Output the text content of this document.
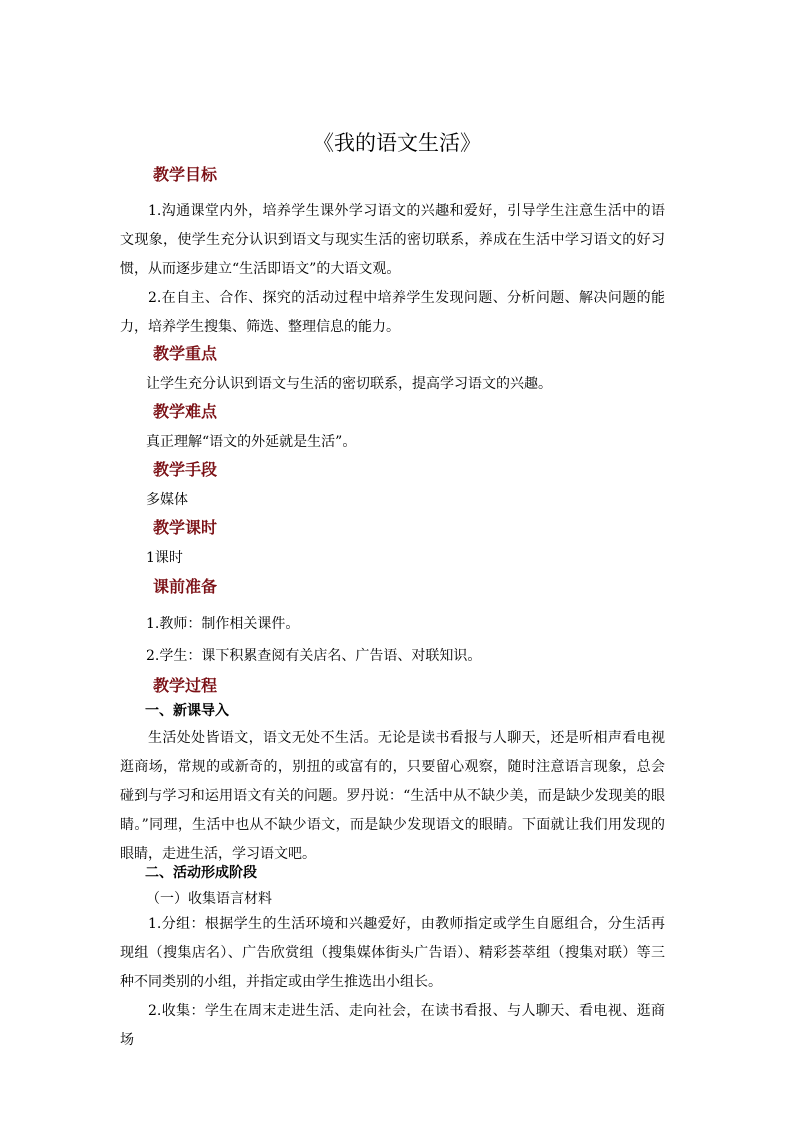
《我的语文生活》
教学目标

1.沟通课堂内外，培养学生课外学习语文的兴趣和爱好，引导学生注意生活中的语文现象，使学生充分认识到语文与现实生活的密切联系，养成在生活中学习语文的好习惯，从而逐步建立“生活即语文”的大语文观。

2.在自主、合作、探究的活动过程中培养学生发现问题、分析问题、解决问题的能力，培养学生搜集、筛选、整理信息的能力。

教学重点

让学生充分认识到语文与生活的密切联系，提高学习语文的兴趣。

教学难点

真正理解“语文的外延就是生活”。

教学手段

多媒体

教学课时

1课时

课前准备

1.教师：制作相关课件。

2.学生：课下积累查阅有关店名、广告语、对联知识。

教学过程

一、新课导入

生活处处皆语文，语文无处不生活。无论是读书看报与人聊天，还是听相声看电视逛商场，常规的或新奇的，别扭的或富有的，只要留心观察，随时注意语言现象，总会碰到与学习和运用语文有关的问题。罗丹说：“生活中从不缺少美，而是缺少发现美的眼睛。”同理，生活中也从不缺少语文，而是缺少发现语文的眼睛。下面就让我们用发现的眼睛，走进生活，学习语文吧。

二、活动形成阶段

（一）收集语言材料

1.分组：根据学生的生活环境和兴趣爱好，由教师指定或学生自愿组合，分生活再现组（搜集店名）、广告欣赏组（搜集媒体街头广告语）、精彩荟萃组（搜集对联）等三种不同类别的小组，并指定或由学生推选出小组长。

2.收集：学生在周末走进生活、走向社会，在读书看报、与人聊天、看电视、逛商场
